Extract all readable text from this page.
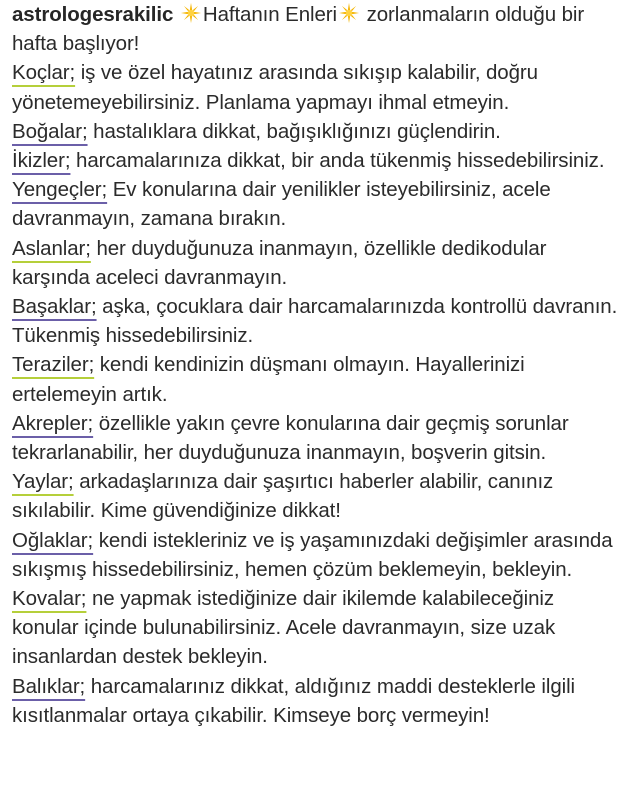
astrologesrakilic Haftanın Enleri zorlanmaların olduğu bir hafta başlıyor!

Koçlar; iş ve özel hayatınız arasında sıkışıp kalabilir, doğru yönetemeyebilirsiniz. Planlama yapmayı ihmal etmeyin.

Boğalar; hastalıklara dikkat, bağışıklığınızı güçlendirin.

İkizler; harcamalarınıza dikkat, bir anda tükenmiş hissedebilirsiniz.

Yengeçler; Ev konularına dair yenilikler isteyebilirsiniz, acele davranmayın, zamana bırakın.

Aslanlar; her duyduğunuza inanmayın, özellikle dedikodular karşında aceleci davranmayın.

Başaklar; aşka, çocuklara dair harcamalarınızda kontrollü davranın. Tükenmiş hissedebilirsiniz.

Teraziler; kendi kendinizin düşmanı olmayın. Hayallerinizi ertelemeyin artık.

Akrepler; özellikle yakın çevre konularına dair geçmiş sorunlar tekrarlanabilir, her duyduğunuza inanmayın, boşverin gitsin.

Yaylar; arkadaşlarınıza dair şaşırtıcı haberler alabilir, canınız sıkılabilir. Kime güvendiğinize dikkat!

Oğlaklar; kendi istekleriniz ve iş yaşamınızdaki değişimler arasında sıkışmış hissedebilirsiniz, hemen çözüm beklemeyin, bekleyin.

Kovalar; ne yapmak istediğinize dair ikilemde kalabileceğiniz konular içinde bulunabilirsiniz. Acele davranmayın, size uzak insanlardan destek bekleyin.

Balıklar; harcamalarınız dikkat, aldığınız maddi desteklerle ilgili kısıtlanmalar ortaya çıkabilir. Kimseye borç vermeyin!
